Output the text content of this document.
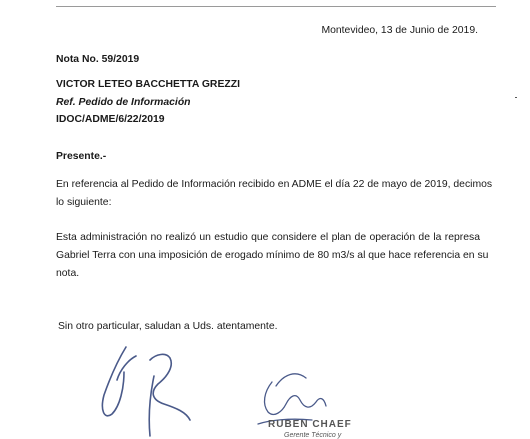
Montevideo, 13 de Junio de 2019.
Nota No. 59/2019
VICTOR LETEO BACCHETTA GREZZI
Ref. Pedido de Información
IDOC/ADME/6/22/2019
Presente.-
En referencia al Pedido de Información recibido en ADME el día 22 de mayo de 2019, decimos
lo siguiente:
Esta administración no realizó un estudio que considere el plan de operación de la represa
Gabriel Terra con una imposición de erogado mínimo de 80 m3/s al que hace referencia en su
nota.
Sin otro particular, saludan a Uds. atentamente.
RUBEN CHAEF
Gerente Técnico y
